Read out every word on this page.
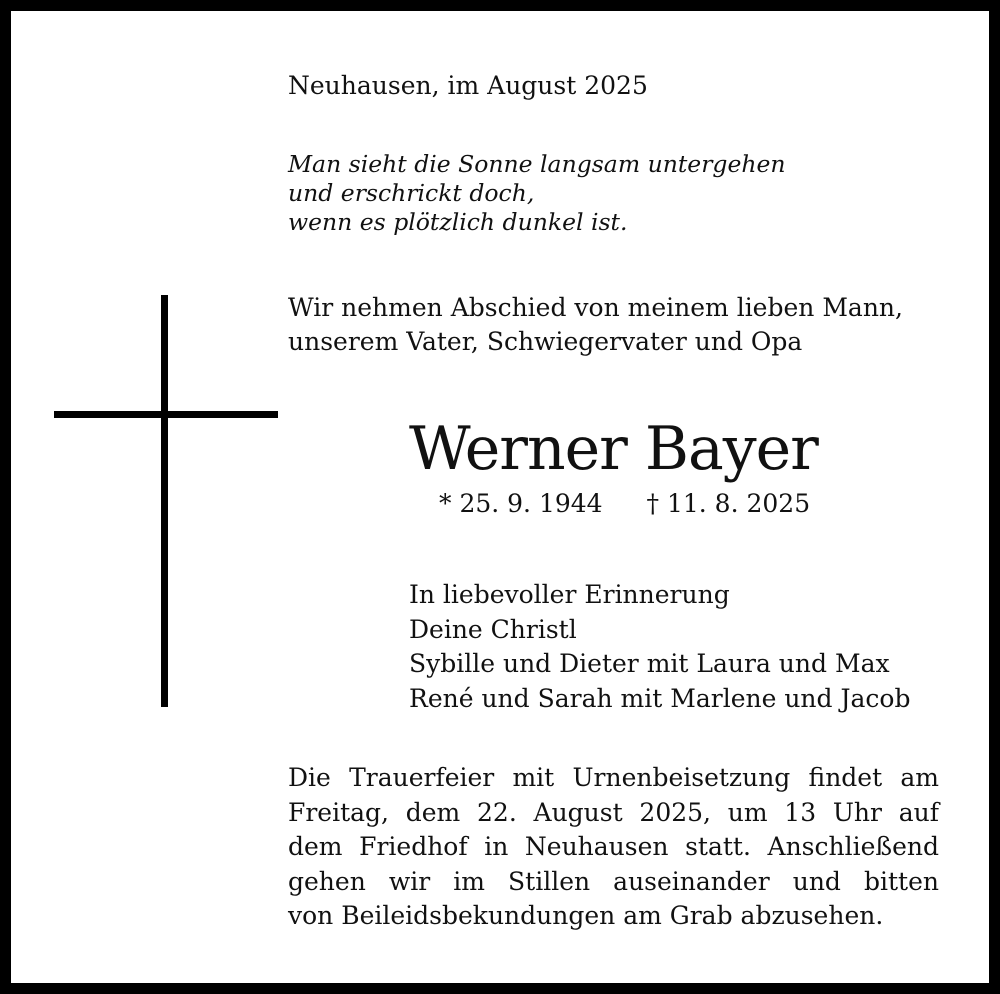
Neuhausen, im August 2025
Man sieht die Sonne langsam untergehen
und erschrickt doch,
wenn es plötzlich dunkel ist.
Wir nehmen Abschied von meinem lieben Mann,
unserem Vater, Schwiegervater und Opa
Werner Bayer
* 25. 9. 1944 † 11. 8. 2025
In liebevoller Erinnerung
Deine Christl
Sybille und Dieter mit Laura und Max
René und Sarah mit Marlene und Jacob
Die Trauerfeier mit Urnenbeisetzung findet am
Freitag, dem 22. August 2025, um 13 Uhr auf
dem Friedhof in Neuhausen statt. Anschließend
gehen wir im Stillen auseinander und bitten
von Beileidsbekundungen am Grab abzusehen.
